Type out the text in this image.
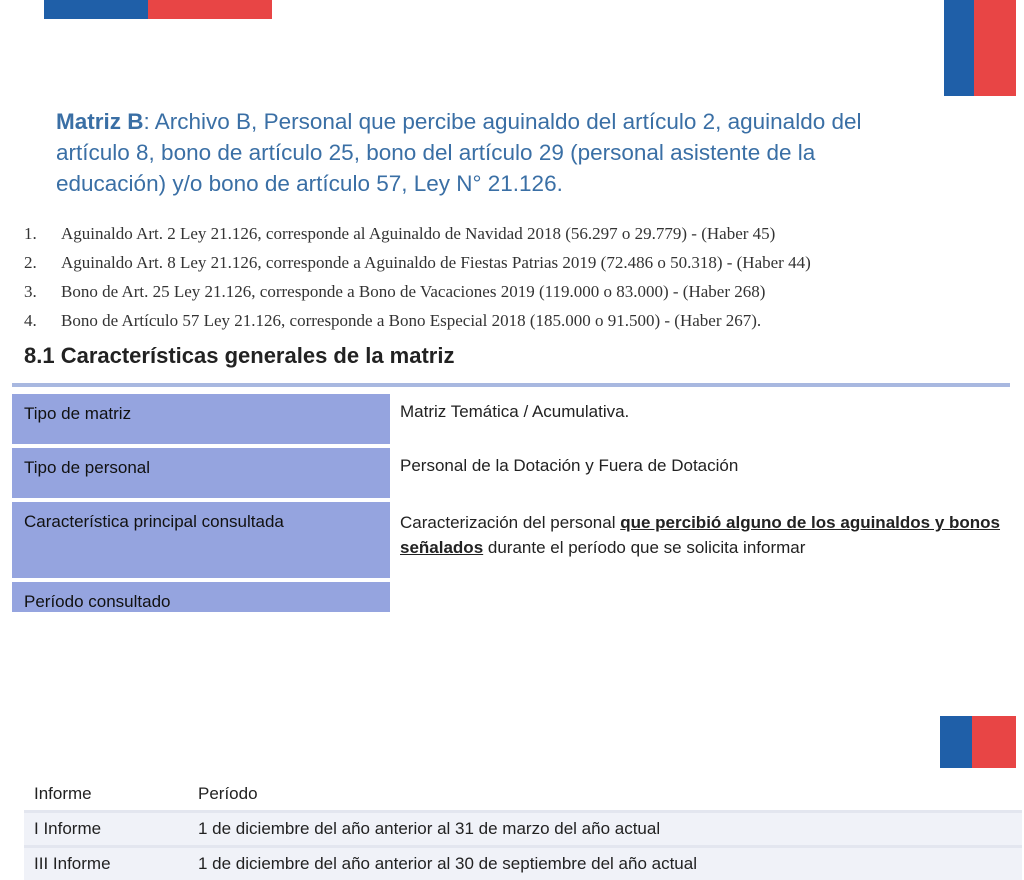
Matriz B: Archivo B, Personal que percibe aguinaldo del artículo 2, aguinaldo del artículo 8, bono de artículo 25, bono del artículo 29 (personal asistente de la educación) y/o bono de artículo 57, Ley N° 21.126.
1.	Aguinaldo Art. 2 Ley 21.126, corresponde al Aguinaldo de Navidad 2018 (56.297 o 29.779) - (Haber 45)
2.	Aguinaldo Art. 8 Ley 21.126, corresponde a Aguinaldo de Fiestas Patrias 2019 (72.486 o 50.318) - (Haber 44)
3.	Bono de Art. 25 Ley 21.126, corresponde a Bono de Vacaciones 2019 (119.000 o 83.000) - (Haber 268)
4.	Bono de Artículo 57 Ley 21.126, corresponde a Bono Especial 2018 (185.000 o 91.500) - (Haber 267).
8.1 Características generales de la matriz
Tipo de matriz	Matriz Temática / Acumulativa.
Tipo de personal	Personal de la Dotación y Fuera de Dotación
Característica principal consultada	Caracterización del personal que percibió alguno de los aguinaldos y bonos señalados durante el período que se solicita informar
Período consultado	
Informe	Período
I Informe	1 de diciembre del año anterior al 31 de marzo del año actual
III Informe	1 de diciembre del año anterior al 30 de septiembre del año actual
